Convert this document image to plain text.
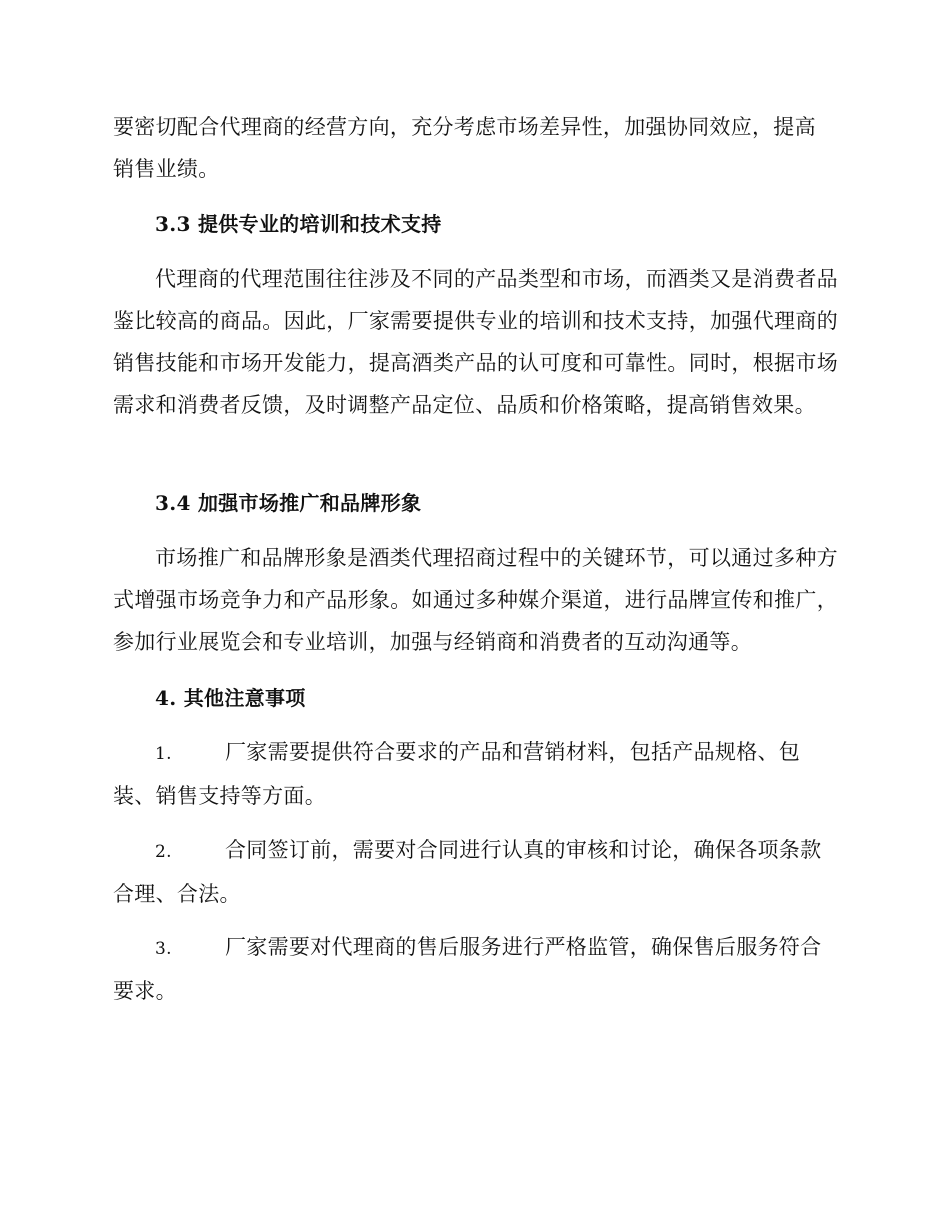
要密切配合代理商的经营方向，充分考虑市场差异性，加强协同效应，提高
销售业绩。

3.3 提供专业的培训和技术支持

代理商的代理范围往往涉及不同的产品类型和市场，而酒类又是消费者品鉴比较高的商品。因此，厂家需要提供专业的培训和技术支持，加强代理商的销售技能和市场开发能力，提高酒类产品的认可度和可靠性。同时，根据市场需求和消费者反馈，及时调整产品定位、品质和价格策略，提高销售效果。

3.4 加强市场推广和品牌形象

市场推广和品牌形象是酒类代理招商过程中的关键环节，可以通过多种方式增强市场竞争力和产品形象。如通过多种媒介渠道，进行品牌宣传和推广，参加行业展览会和专业培训，加强与经销商和消费者的互动沟通等。

4. 其他注意事项
1.	厂家需要提供符合要求的产品和营销材料，包括产品规格、包
装、销售支持等方面。
2.	合同签订前，需要对合同进行认真的审核和讨论，确保各项条款
合理、合法。
3.	厂家需要对代理商的售后服务进行严格监管，确保售后服务符合
要求。
